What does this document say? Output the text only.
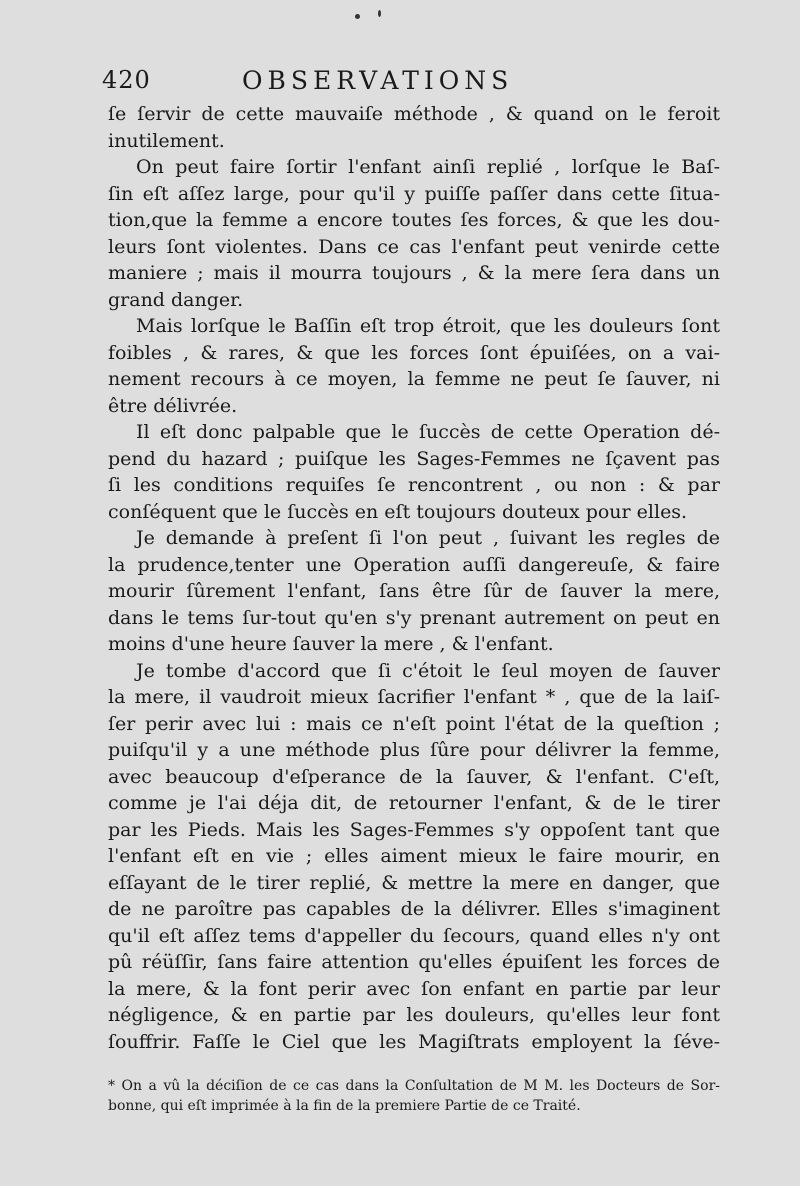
420	OBSERVATIONS
ſe ſervir de cette mauvaiſe méthode , & quand on le feroit
inutilement.
On peut faire ſortir l'enfant ainſi replié , lorſque le Baſ-
ſin eſt aſſez large, pour qu'il y puiſſe paſſer dans cette ſitua-
tion,que la femme a encore toutes ſes forces, & que les dou-
leurs ſont violentes. Dans ce cas l'enfant peut venirde cette
maniere ; mais il mourra toujours , & la mere ſera dans un
grand danger.
Mais lorſque le Baſſin eſt trop étroit, que les douleurs ſont
foibles , & rares, & que les forces ſont épuiſées, on a vai-
nement recours à ce moyen, la femme ne peut ſe ſauver, ni
être délivrée.
Il eſt donc palpable que le ſuccès de cette Operation dé-
pend du hazard ; puiſque les Sages-Femmes ne ſçavent pas
ſi les conditions requiſes ſe rencontrent , ou non : & par
conſéquent que le ſuccès en eſt toujours douteux pour elles.
Je demande à preſent ſi l'on peut , ſuivant les regles de
la prudence,tenter une Operation auſſi dangereuſe, & faire
mourir ſûrement l'enfant, ſans être ſûr de ſauver la mere,
dans le tems ſur-tout qu'en s'y prenant autrement on peut en
moins d'une heure ſauver la mere , & l'enfant.
Je tombe d'accord que ſi c'étoit le ſeul moyen de ſauver
la mere, il vaudroit mieux ſacrifier l'enfant * , que de la laiſ-
ſer perir avec lui : mais ce n'eſt point l'état de la queſtion ;
puiſqu'il y a une méthode plus ſûre pour délivrer la femme,
avec beaucoup d'eſperance de la ſauver, & l'enfant. C'eſt,
comme je l'ai déja dit, de retourner l'enfant, & de le tirer
par les Pieds. Mais les Sages-Femmes s'y oppoſent tant que
l'enfant eſt en vie ; elles aiment mieux le faire mourir, en
eſſayant de le tirer replié, & mettre la mere en danger, que
de ne paroître pas capables de la délivrer. Elles s'imaginent
qu'il eſt aſſez tems d'appeller du ſecours, quand elles n'y ont
pû réüſſir, ſans faire attention qu'elles épuiſent les forces de
la mere, & la font perir avec ſon enfant en partie par leur
négligence, & en partie par les douleurs, qu'elles leur font
ſouffrir. Faſſe le Ciel que les Magiſtrats employent la ſéve-
* On a vû la déciſion de ce cas dans la Conſultation de M M. les Docteurs de Sor-
bonne, qui eſt imprimée à la fin de la premiere Partie de ce Traité.
